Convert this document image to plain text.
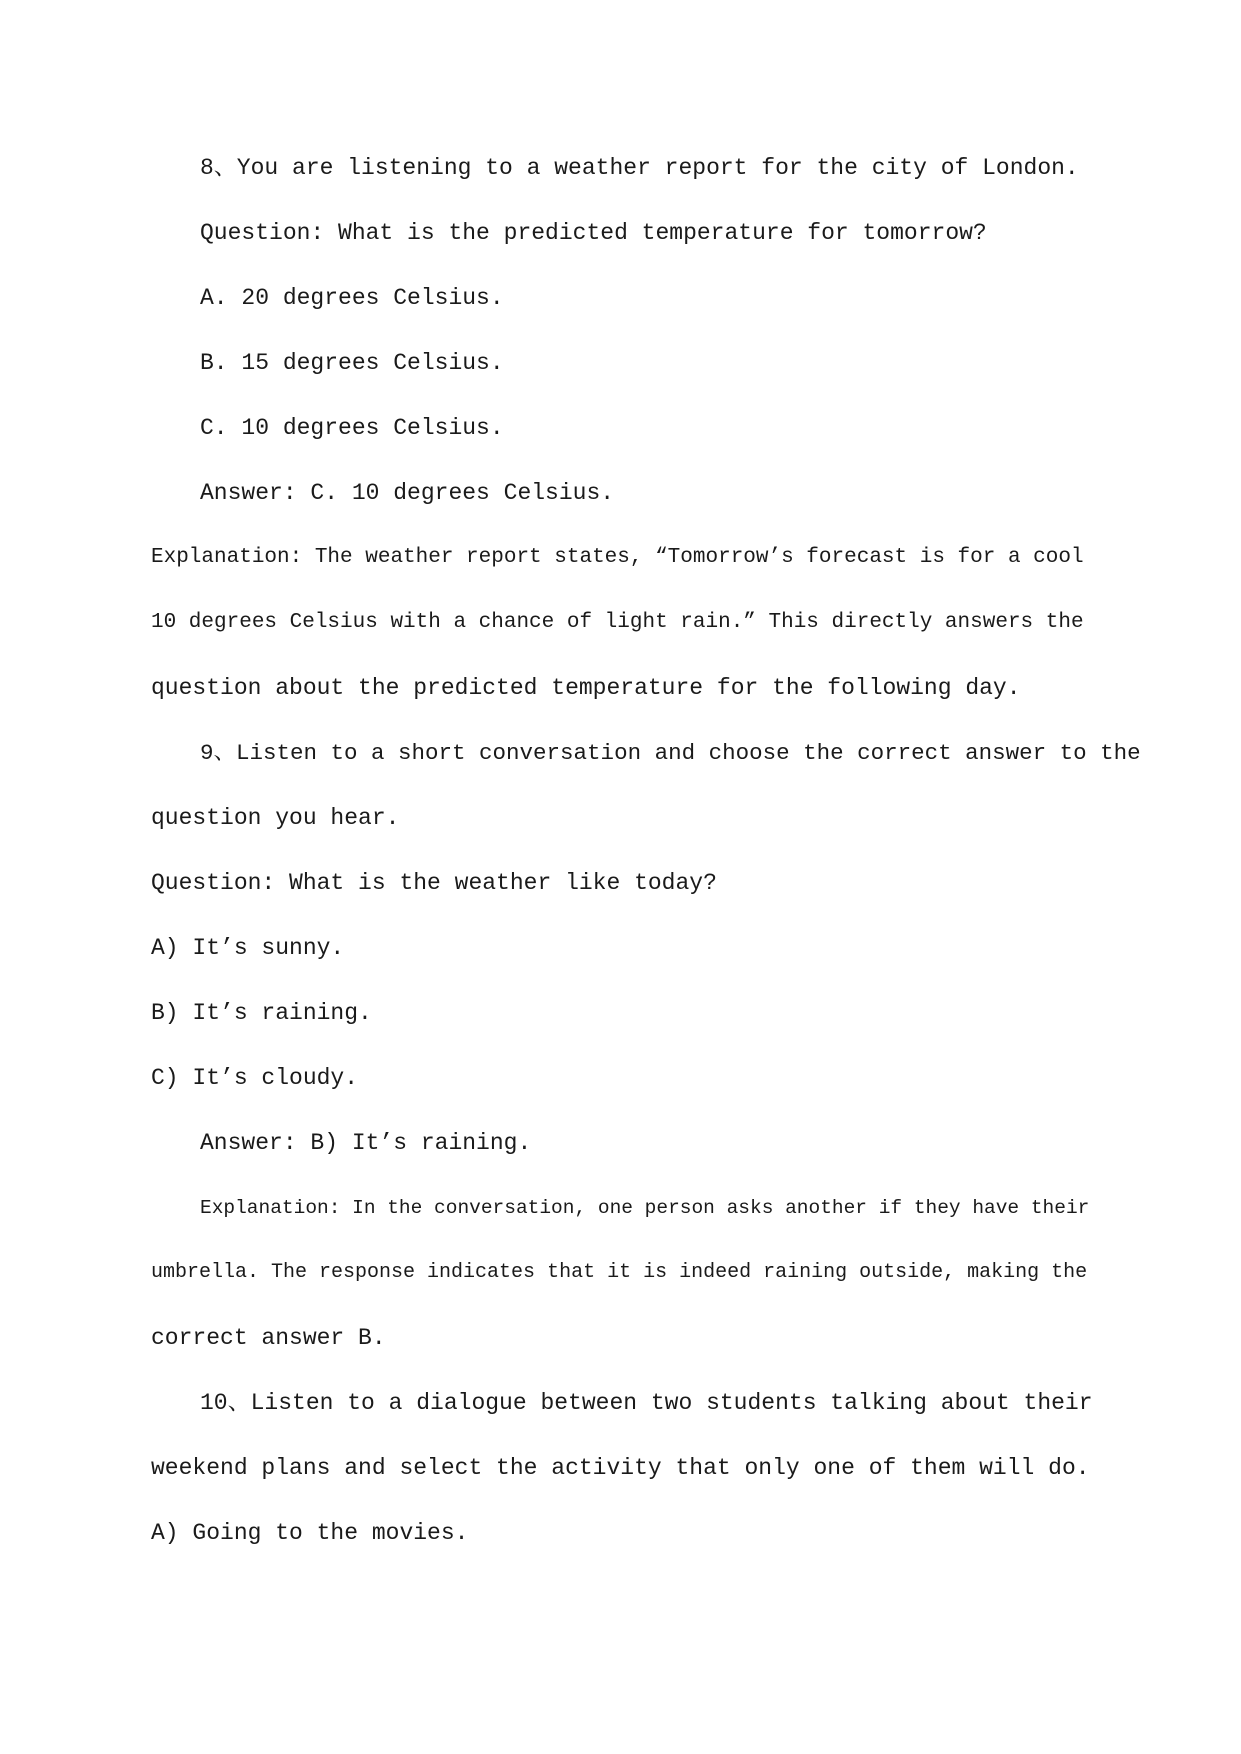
8、You are listening to a weather report for the city of London.
Question: What is the predicted temperature for tomorrow?
A. 20 degrees Celsius.
B. 15 degrees Celsius.
C. 10 degrees Celsius.
Answer: C. 10 degrees Celsius.
Explanation: The weather report states, “Tomorrow’s forecast is for a cool
10 degrees Celsius with a chance of light rain.” This directly answers the
question about the predicted temperature for the following day.
9、Listen to a short conversation and choose the correct answer to the
question you hear.
Question: What is the weather like today?
A) It’s sunny.
B) It’s raining.
C) It’s cloudy.
Answer: B) It’s raining.
Explanation: In the conversation, one person asks another if they have their
umbrella. The response indicates that it is indeed raining outside, making the
correct answer B.
10、Listen to a dialogue between two students talking about their
weekend plans and select the activity that only one of them will do.
A) Going to the movies.
